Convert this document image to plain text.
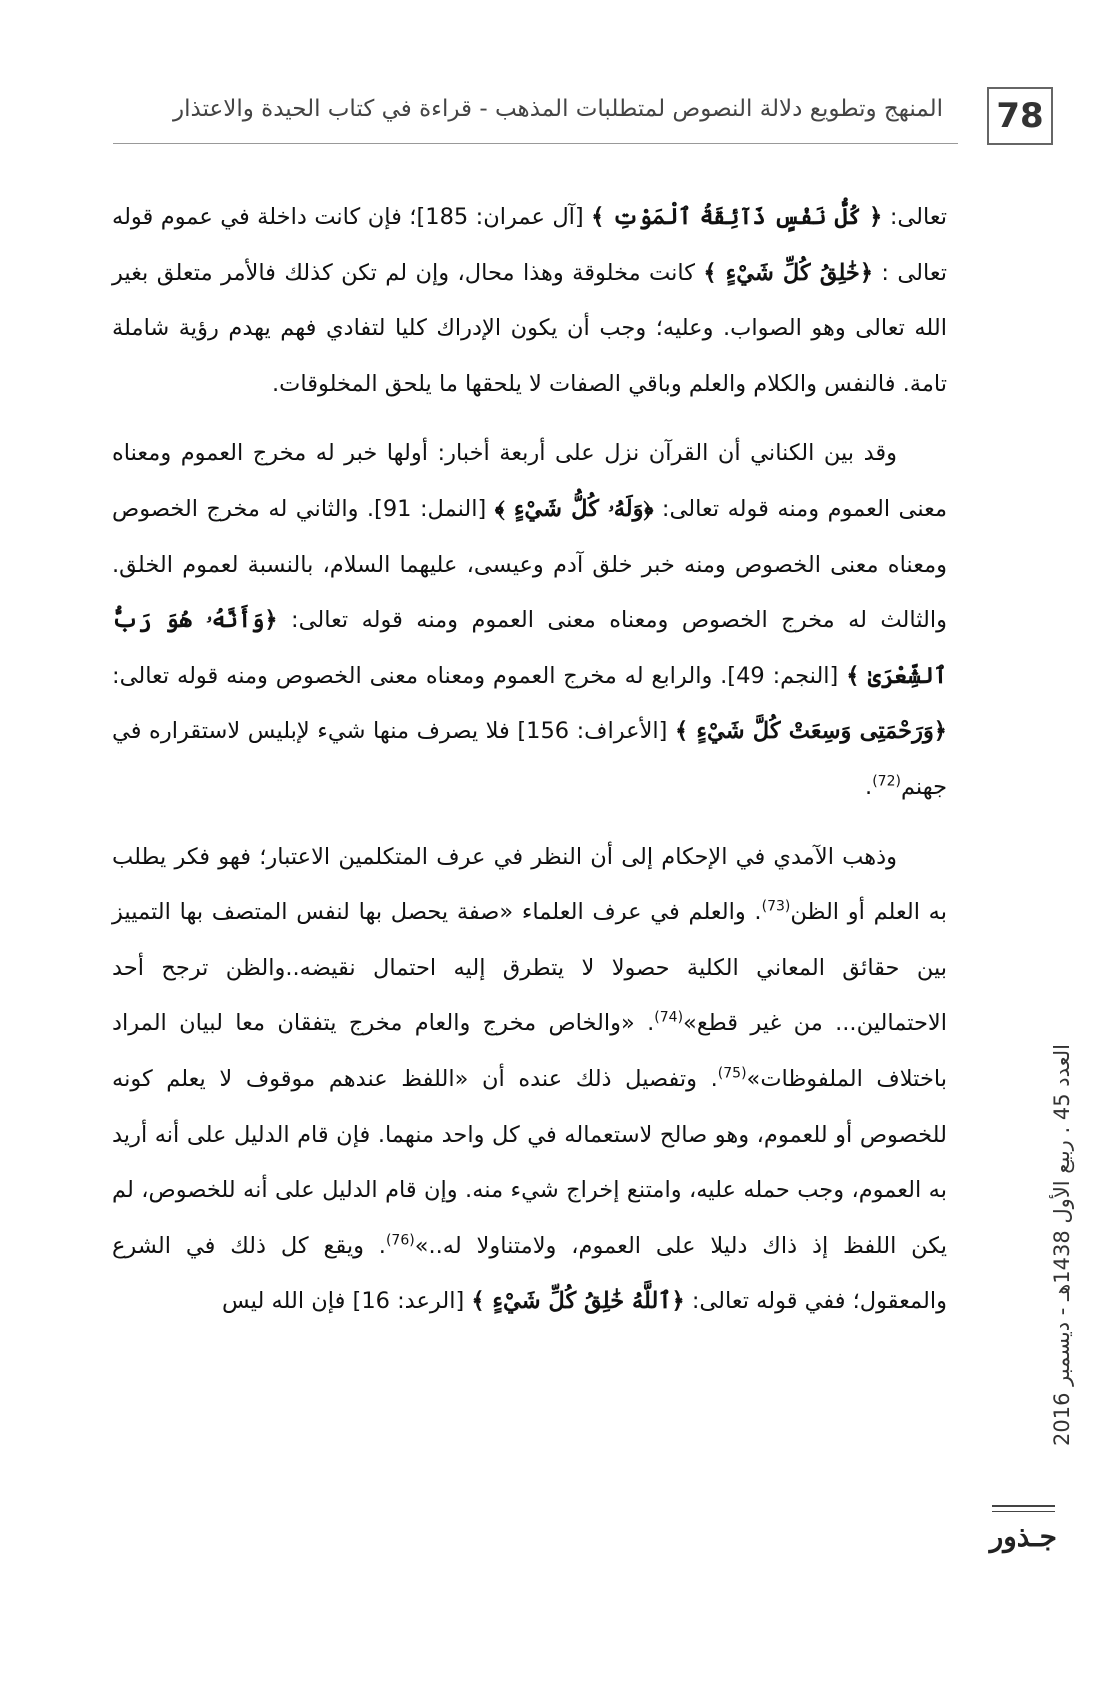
78
المنهج وتطويع دلالة النصوص لمتطلبات المذهب - قراءة في كتاب الحيدة والاعتذار

تعالى: ﴿ كُلُّ نَفْسٍ ذَآئِقَةُ ٱلْمَوْتِ ﴾ [آل عمران: 185]؛ فإن كانت داخلة في عموم قوله تعالى : ﴿خَٰلِقُ كُلِّ شَيْءٍ ﴾ كانت مخلوقة وهذا محال، وإن لم تكن كذلك فالأمر متعلق بغير الله تعالى وهو الصواب. وعليه؛ وجب أن يكون الإدراك كليا لتفادي فهم يهدم رؤية شاملة تامة. فالنفس والكلام والعلم وباقي الصفات لا يلحقها ما يلحق المخلوقات.

وقد بين الكناني أن القرآن نزل على أربعة أخبار: أولها خبر له مخرج العموم ومعناه معنى العموم ومنه قوله تعالى: ﴿وَلَهُۥ كُلُّ شَيْءٍ ﴾ [النمل: 91]. والثاني له مخرج الخصوص ومعناه معنى الخصوص ومنه خبر خلق آدم وعيسى، عليهما السلام، بالنسبة لعموم الخلق. والثالث له مخرج الخصوص ومعناه معنى العموم ومنه قوله تعالى: ﴿وَأَنَّهُۥ هُوَ رَبُّ ٱلشِّعْرَىٰ ﴾ [النجم: 49]. والرابع له مخرج العموم ومعناه معنى الخصوص ومنه قوله تعالى: ﴿وَرَحْمَتِى وَسِعَتْ كُلَّ شَيْءٍ ﴾ [الأعراف: 156] فلا يصرف منها شيء لإبليس لاستقراره في جهنم$^{(72)}$.

وذهب الآمدي في الإحكام إلى أن النظر في عرف المتكلمين الاعتبار؛ فهو فكر يطلب به العلم أو الظن$^{(73)}$. والعلم في عرف العلماء «صفة يحصل بها لنفس المتصف بها التمييز بين حقائق المعاني الكلية حصولا لا يتطرق إليه احتمال نقيضه..والظن ترجح أحد الاحتمالين... من غير قطع»$^{(74)}$. «والخاص مخرج والعام مخرج يتفقان معا لبيان المراد باختلاف الملفوظات»$^{(75)}$. وتفصيل ذلك عنده أن «اللفظ عندهم موقوف لا يعلم كونه للخصوص أو للعموم، وهو صالح لاستعماله في كل واحد منهما. فإن قام الدليل على أنه أريد به العموم، وجب حمله عليه، وامتنع إخراج شيء منه. وإن قام الدليل على أنه للخصوص، لم يكن اللفظ إذ ذاك دليلا على العموم، ولامتناولا له..»$^{(76)}$. ويقع كل ذلك في الشرع والمعقول؛ ففي قوله تعالى: ﴿ٱللَّهُ خَٰلِقُ كُلِّ شَيْءٍ ﴾ [الرعد: 16] فإن الله ليس

العدد 45 . ربيع الأول 1438هـ - ديسمبر 2016
جـذور
